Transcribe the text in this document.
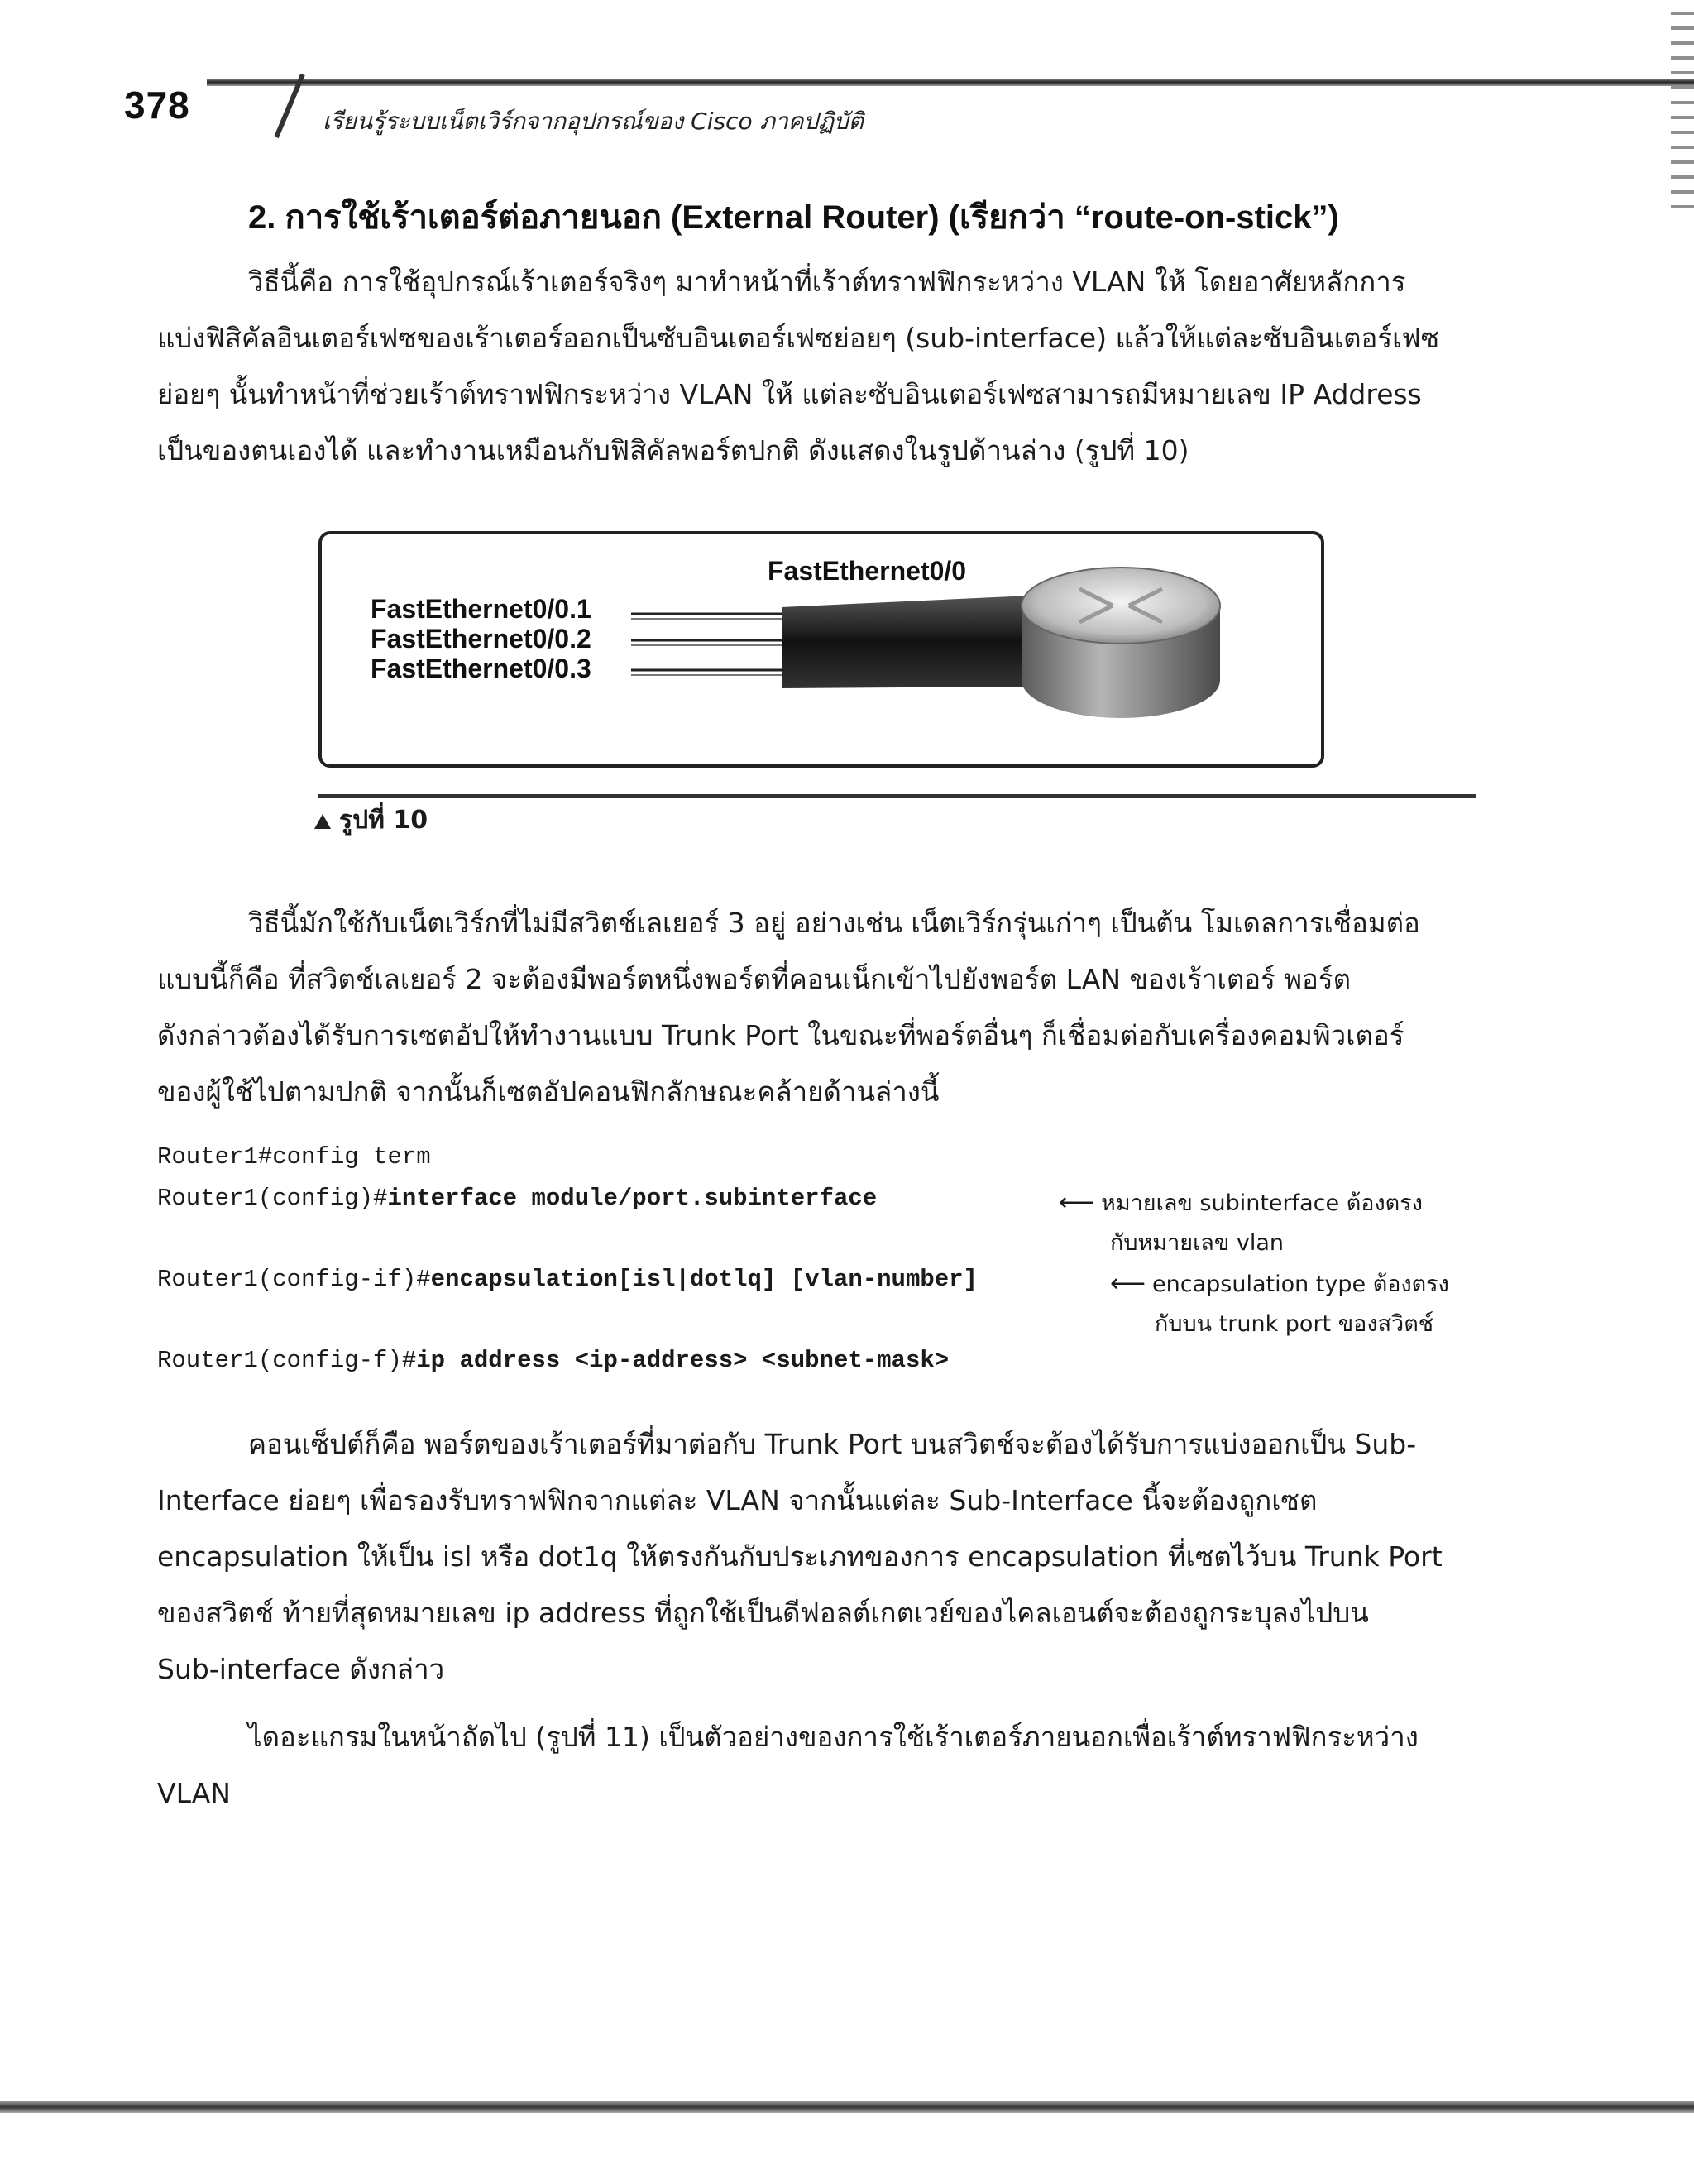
378	เรียนรู้ระบบเน็ตเวิร์กจากอุปกรณ์ของ Cisco ภาคปฏิบัติ
2. การใช้เร้าเตอร์ต่อภายนอก (External Router) (เรียกว่า “route-on-stick”)
วิธีนี้คือ การใช้อุปกรณ์เร้าเตอร์จริงๆ มาทำหน้าที่เร้าต์ทราฟฟิกระหว่าง VLAN ให้ โดยอาศัยหลักการ
แบ่งฟิสิคัลอินเตอร์เฟซของเร้าเตอร์ออกเป็นซับอินเตอร์เฟซย่อยๆ (sub-interface) แล้วให้แต่ละซับอินเตอร์เฟซ
ย่อยๆ นั้นทำหน้าที่ช่วยเร้าต์ทราฟฟิกระหว่าง VLAN ให้ แต่ละซับอินเตอร์เฟซสามารถมีหมายเลข IP Address
เป็นของตนเองได้ และทำงานเหมือนกับฟิสิคัลพอร์ตปกติ ดังแสดงในรูปด้านล่าง (รูปที่ 10)
FastEthernet0/0
FastEthernet0/0.1
FastEthernet0/0.2
FastEthernet0/0.3
รูปที่ 10
วิธีนี้มักใช้กับเน็ตเวิร์กที่ไม่มีสวิตช์เลเยอร์ 3 อยู่ อย่างเช่น เน็ตเวิร์กรุ่นเก่าๆ เป็นต้น โมเดลการเชื่อมต่อ
แบบนี้ก็คือ ที่สวิตช์เลเยอร์ 2 จะต้องมีพอร์ตหนึ่งพอร์ตที่คอนเน็กเข้าไปยังพอร์ต LAN ของเร้าเตอร์ พอร์ต
ดังกล่าวต้องได้รับการเซตอัปให้ทำงานแบบ Trunk Port ในขณะที่พอร์ตอื่นๆ ก็เชื่อมต่อกับเครื่องคอมพิวเตอร์
ของผู้ใช้ไปตามปกติ จากนั้นก็เซตอัปคอนฟิกลักษณะคล้ายด้านล่างนี้
Router1#config term
Router1(config)#interface module/port.subinterface	⟵ หมายเลข subinterface ต้องตรง
กับหมายเลข vlan
Router1(config-if)#encapsulation[isl|dotlq] [vlan-number]	⟵ encapsulation type ต้องตรง
กับบน trunk port ของสวิตช์
Router1(config-f)#ip address <ip-address> <subnet-mask>
คอนเซ็ปต์ก็คือ พอร์ตของเร้าเตอร์ที่มาต่อกับ Trunk Port บนสวิตช์จะต้องได้รับการแบ่งออกเป็น Sub-
Interface ย่อยๆ เพื่อรองรับทราฟฟิกจากแต่ละ VLAN จากนั้นแต่ละ Sub-Interface นี้จะต้องถูกเซต
encapsulation ให้เป็น isl หรือ dot1q ให้ตรงกันกับประเภทของการ encapsulation ที่เซตไว้บน Trunk Port
ของสวิตช์ ท้ายที่สุดหมายเลข ip address ที่ถูกใช้เป็นดีฟอลต์เกตเวย์ของไคลเอนต์จะต้องถูกระบุลงไปบน
Sub-interface ดังกล่าว
ไดอะแกรมในหน้าถัดไป (รูปที่ 11) เป็นตัวอย่างของการใช้เร้าเตอร์ภายนอกเพื่อเร้าต์ทราฟฟิกระหว่าง
VLAN
